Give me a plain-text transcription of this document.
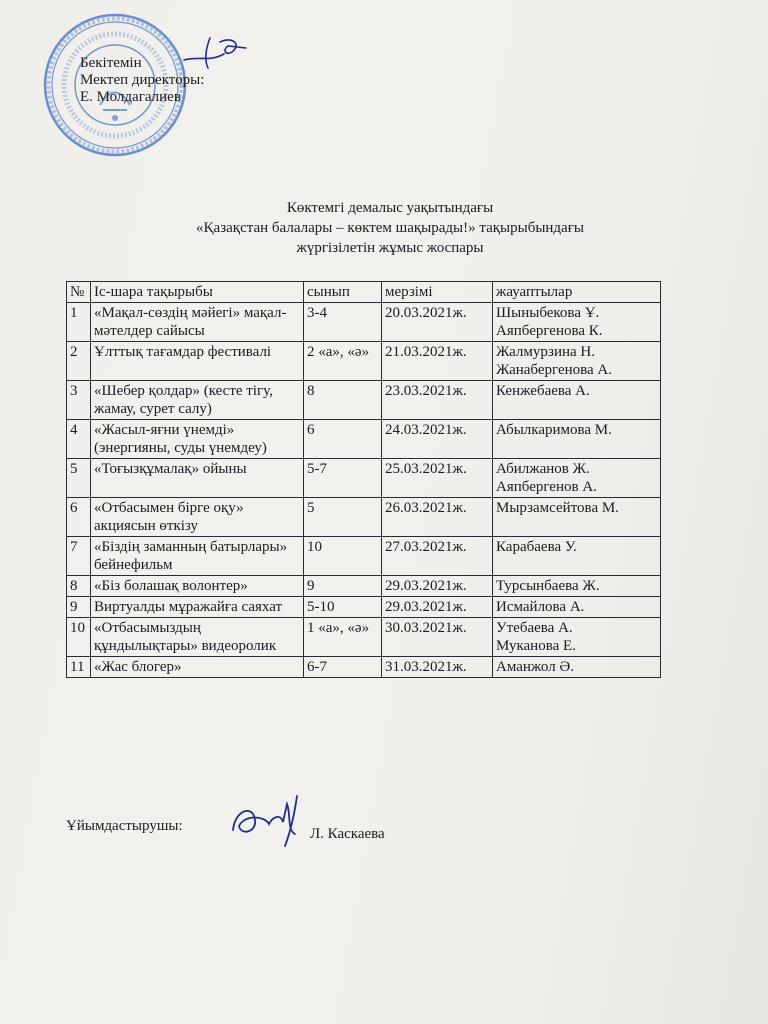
Бекітемін
Мектеп директоры:
Е. Молдагалиев
Көктемгі демалыс уақытындағы
«Қазақстан балалары – көктем шақырады!» тақырыбындағы
жүргізілетін жұмыс жоспары
№	Іс-шара тақырыбы	сынып	мерзімі	жауаптылар
1	«Мақал-сөздің мәйегі» мақал-мәтелдер сайысы	3-4	20.03.2021ж.	Шыныбекова Ұ.
Аяпбергенова К.

2	Ұлттық тағамдар фестивалі	2 «а», «ә»	21.03.2021ж.	Жалмурзина Н.
Жанабергенова А.

3	«Шебер қолдар» (кесте тігу, жамау, сурет салу)	8	23.03.2021ж.	Кенжебаева А.

4	«Жасыл-яғни үнемді» (энергияны, суды үнемдеу)	6	24.03.2021ж.	Абылкаримова М.

5	«Тоғызқұмалақ» ойыны	5-7	25.03.2021ж.	Абилжанов Ж.
Аяпбергенов А.

6	«Отбасымен бірге оқу» акциясын өткізу	5	26.03.2021ж.	Мырзамсейтова М.

7	«Біздің заманның батырлары» бейнефильм	10	27.03.2021ж.	Карабаева У.

8	«Біз болашақ волонтер»	9	29.03.2021ж.	Турсынбаева Ж.

9	Виртуалды мұражайға саяхат	5-10	29.03.2021ж.	Исмайлова А.

10	«Отбасымыздың құндылықтары» видеоролик	1 «а», «ә»	30.03.2021ж.	Утебаева А.
Муканова Е.

11	«Жас блогер»	6-7	31.03.2021ж.	Аманжол Ә.
Ұйымдастырушы:	Л. Каскаева
